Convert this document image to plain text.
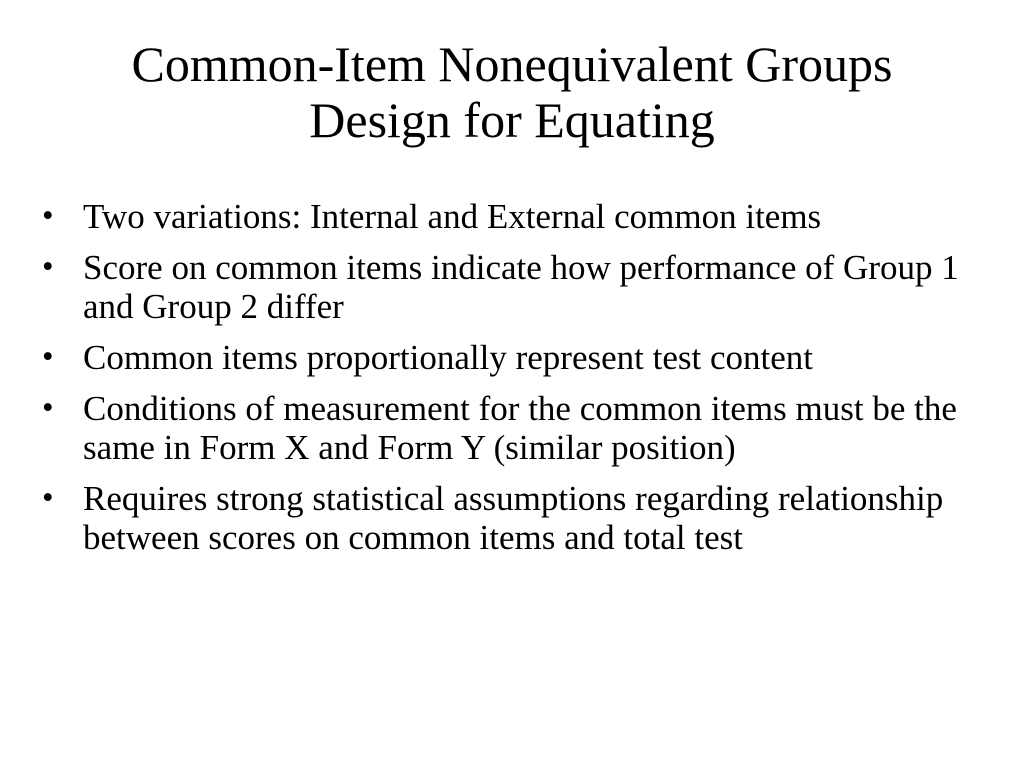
Common-Item Nonequivalent Groups
Design for Equating
• Two variations: Internal and External common items
• Score on common items indicate how performance of Group 1 and Group 2 differ
• Common items proportionally represent test content
• Conditions of measurement for the common items must be the same in Form X and Form Y (similar position)
• Requires strong statistical assumptions regarding relationship between scores on common items and total test
